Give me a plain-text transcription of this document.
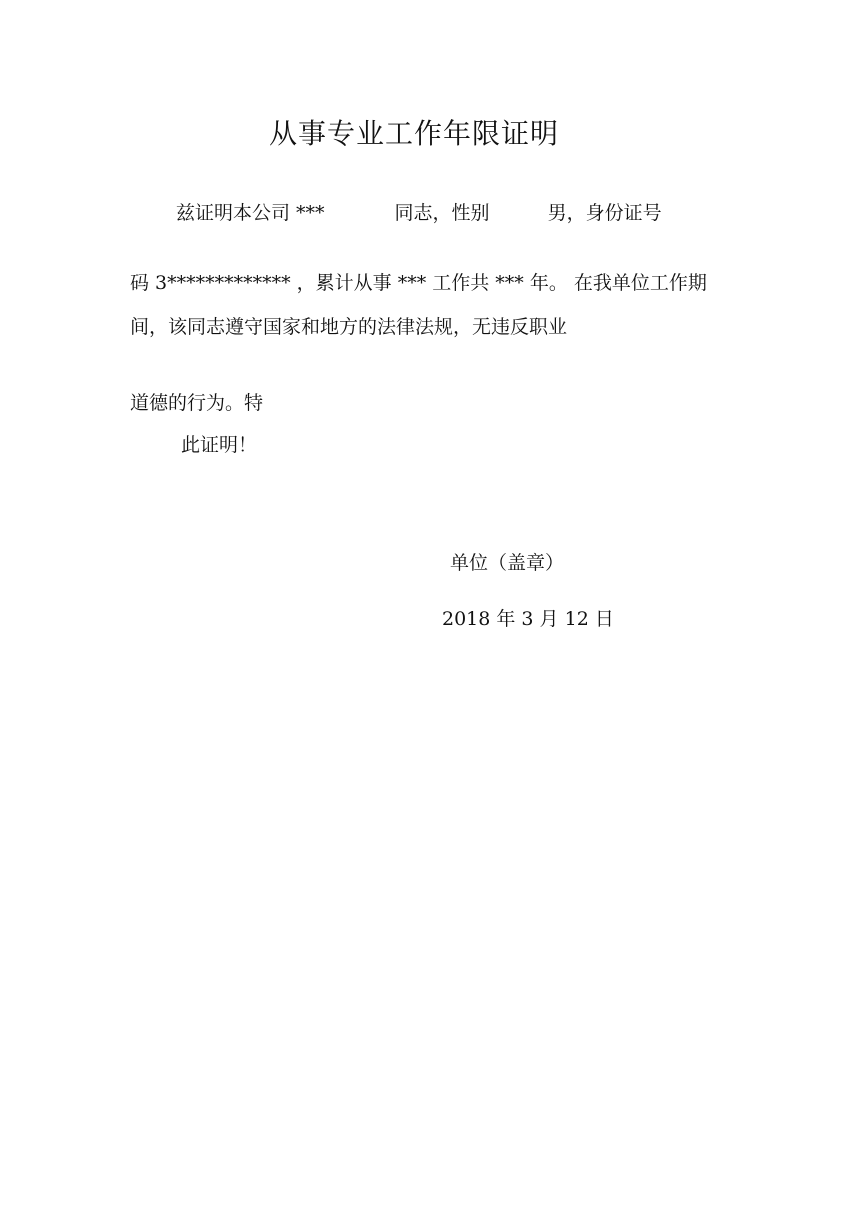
从事专业工作年限证明
兹证明本公司 ***	同志，性别	男，身份证号
码 3************* ，累计从事 *** 工作共 *** 年。 在我单位工作期
间，该同志遵守国家和地方的法律法规，无违反职业
道德的行为。特
此证明！
单位（盖章）
2018 年 3 月 12 日
